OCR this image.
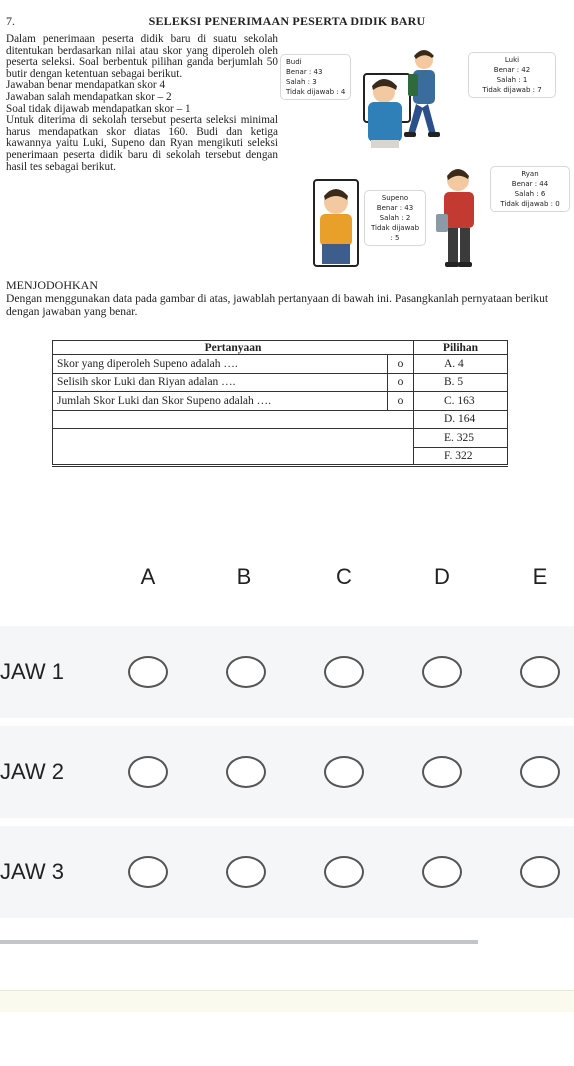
7.	SELEKSI PENERIMAAN PESERTA DIDIK BARU

Dalam penerimaan peserta didik baru di suatu sekolah ditentukan berdasarkan nilai atau skor yang diperoleh oleh peserta seleksi. Soal berbentuk pilihan ganda berjumlah 50 butir dengan ketentuan sebagai berikut.

Jawaban benar mendapatkan skor 4

Jawaban salah mendapatkan skor – 2

Soal tidak dijawab mendapatkan skor – 1

Untuk diterima di sekolah tersebut peserta seleksi minimal harus mendapatkan skor diatas 160. Budi dan ketiga kawannya yaitu Luki, Supeno dan Ryan mengikuti seleksi penerimaan peserta didik baru di sekolah tersebut dengan hasil tes sebagai berikut.

Budi
Benar : 43
Salah : 3
Tidak dijawab : 4
Luki
Benar : 42
Salah : 1
Tidak dijawab : 7
Supeno
Benar : 43
Salah : 2
Tidak dijawab : 5
Ryan
Benar : 44
Salah : 6
Tidak dijawab : 0
MENJODOHKAN
Dengan menggunakan data pada gambar di atas, jawablah pertanyaan di bawah ini. Pasangkanlah pernyataan berikut dengan jawaban yang benar.
Pertanyaan		Pilihan
Skor yang diperoleh Supeno adalah ….	o	A. 4
Selisih skor Luki dan Riyan adalan ….	o	B. 5
Jumlah Skor Luki dan Skor Supeno adalah ….	o	C. 163
		D. 164
		E. 325
		F. 322
A	B	C	D	E
JAW 1
JAW 2
JAW 3
